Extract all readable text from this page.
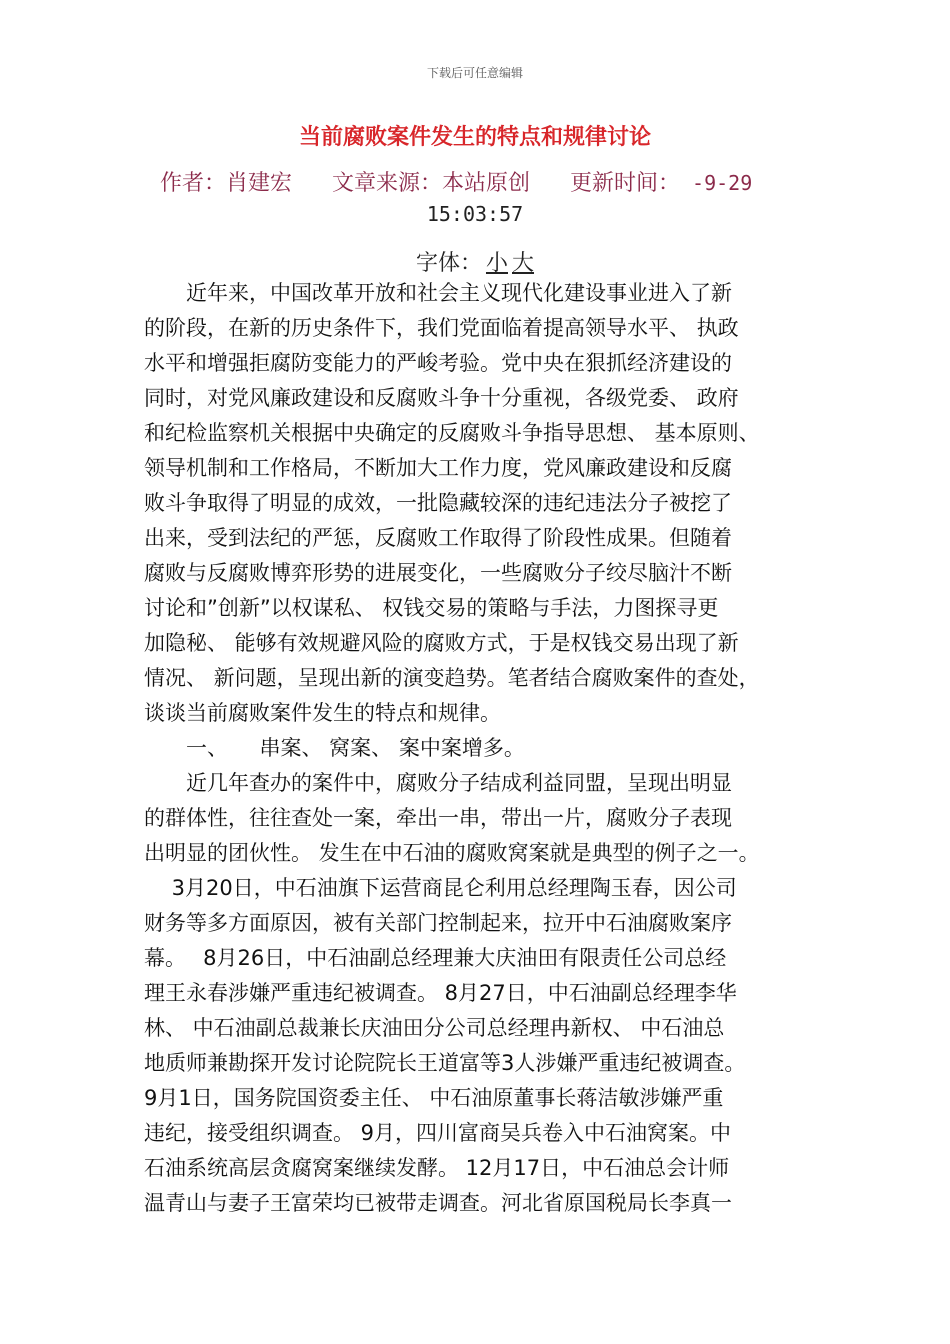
下载后可任意编辑
当前腐败案件发生的特点和规律讨论
作者：肖建宏 文章来源：本站原创 更新时间： -9-29
15:03:57
字体： 小 大
　　近年来，中国改革开放和社会主义现代化建设事业进入了新
的阶段，在新的历史条件下，我们党面临着提高领导水平、 执政
水平和增强拒腐防变能力的严峻考验。党中央在狠抓经济建设的
同时，对党风廉政建设和反腐败斗争十分重视，各级党委、 政府
和纪检监察机关根据中央确定的反腐败斗争指导思想、 基本原则、
领导机制和工作格局，不断加大工作力度，党风廉政建设和反腐
败斗争取得了明显的成效，一批隐藏较深的违纪违法分子被挖了
出来，受到法纪的严惩，反腐败工作取得了阶段性成果。但随着
腐败与反腐败博弈形势的进展变化，一些腐败分子绞尽脑汁不断
讨论和”创新”以权谋私、 权钱交易的策略与手法，力图探寻更
加隐秘、 能够有效规避风险的腐败方式，于是权钱交易出现了新
情况、 新问题，呈现出新的演变趋势。笔者结合腐败案件的查处，
谈谈当前腐败案件发生的特点和规律。
　　一、　　串案、 窝案、 案中案增多。
　　近几年查办的案件中，腐败分子结成利益同盟，呈现出明显
的群体性，往往查处一案，牵出一串，带出一片，腐败分子表现
出明显的团伙性。 发生在中石油的腐败窝案就是典型的例子之一。
　 3月20日，中石油旗下运营商昆仑利用总经理陶玉春，因公司
财务等多方面原因，被有关部门控制起来，拉开中石油腐败案序
幕。　 8月26日，中石油副总经理兼大庆油田有限责任公司总经
理王永春涉嫌严重违纪被调查。 8月27日，中石油副总经理李华
林、 中石油副总裁兼长庆油田分公司总经理冉新权、 中石油总
地质师兼勘探开发讨论院院长王道富等3人涉嫌严重违纪被调查。
9月1日，国务院国资委主任、 中石油原董事长蒋洁敏涉嫌严重
违纪，接受组织调查。 9月，四川富商吴兵卷入中石油窝案。中
石油系统高层贪腐窝案继续发酵。 12月17日，中石油总会计师
温青山与妻子王富荣均已被带走调查。河北省原国税局长李真一
